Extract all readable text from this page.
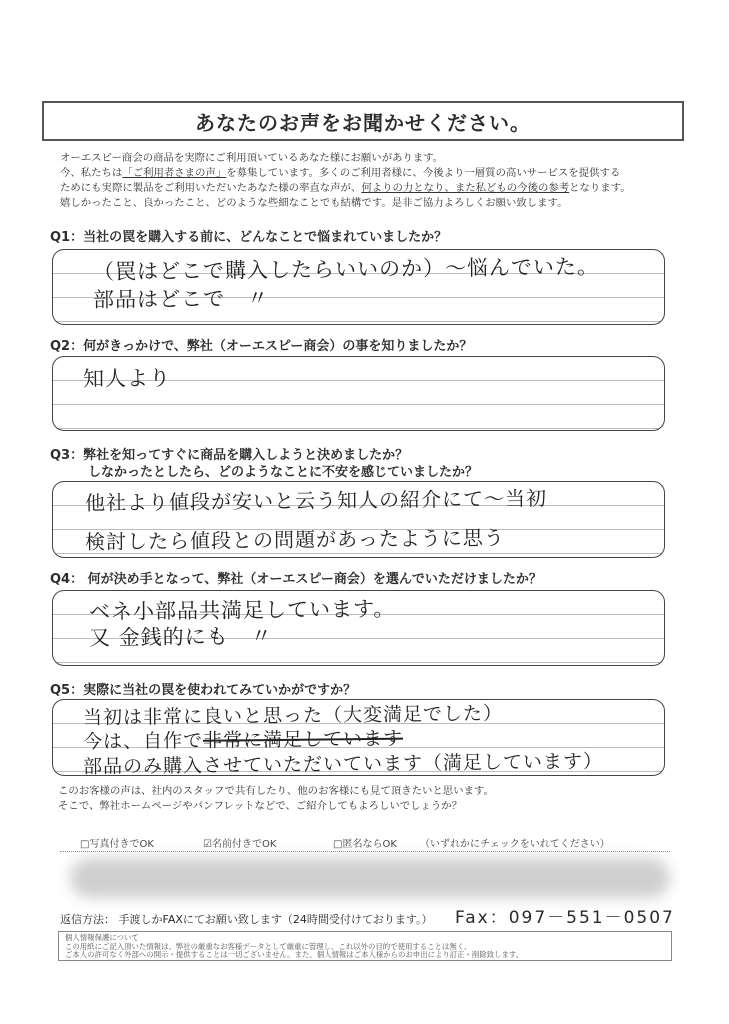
あなたのお声をお聞かせください。
オーエスピー商会の商品を実際にご利用頂いているあなた様にお願いがあります。
今、私たちは「ご利用者さまの声」を募集しています。多くのご利用者様に、今後より一層質の高いサービスを提供する
ためにも実際に製品をご利用いただいたあなた様の率直な声が、何よりの力となり、また私どもの今後の参考となります。
嬉しかったこと、良かったこと、どのような些細なことでも結構です。是非ご協力よろしくお願い致します。
Q1：当社の罠を購入する前に、どんなことで悩まれていましたか？
（罠はどこで購入したらいいのか）〜悩んでいた。
部品はどこで　〃
Q2：何がきっかけで、弊社（オーエスピー商会）の事を知りましたか？
知人より
Q3：弊社を知ってすぐに商品を購入しようと決めましたか？
しなかったとしたら、どのようなことに不安を感じていましたか？
他社より値段が安いと云う知人の紹介にて〜当初
検討したら値段との問題があったように思う
Q4： 何が決め手となって、弊社（オーエスピー商会）を選んでいただけましたか？
ベネ小部品共満足しています。
又 金銭的にも　〃
Q5：実際に当社の罠を使われてみていかがですか？
当初は非常に良いと思った（大変満足でした）
今は、自作で非常に満足しています
部品のみ購入させていただいています（満足しています）
このお客様の声は、社内のスタッフで共有したり、他のお客様にも見て頂きたいと思います。
そこで、弊社ホームページやパンフレットなどで、ご紹介してもよろしいでしょうか？
□写真付きでOK	☑名前付きでOK	□匿名ならOK （いずれかにチェックをいれてください）
返信方法： 手渡しかFAXにてお願い致します（24時間受付けております。） Fax：097－551－0507
個人情報保護について
この用紙にご記入頂いた情報は、弊社の厳重なお客様データとして厳重に管理し、これ以外の目的で使用することは無く、
ご本人の許可なく外部への開示・提供することは一切ございません。また、個人情報はご本人様からのお申出により訂正・削除致します。
